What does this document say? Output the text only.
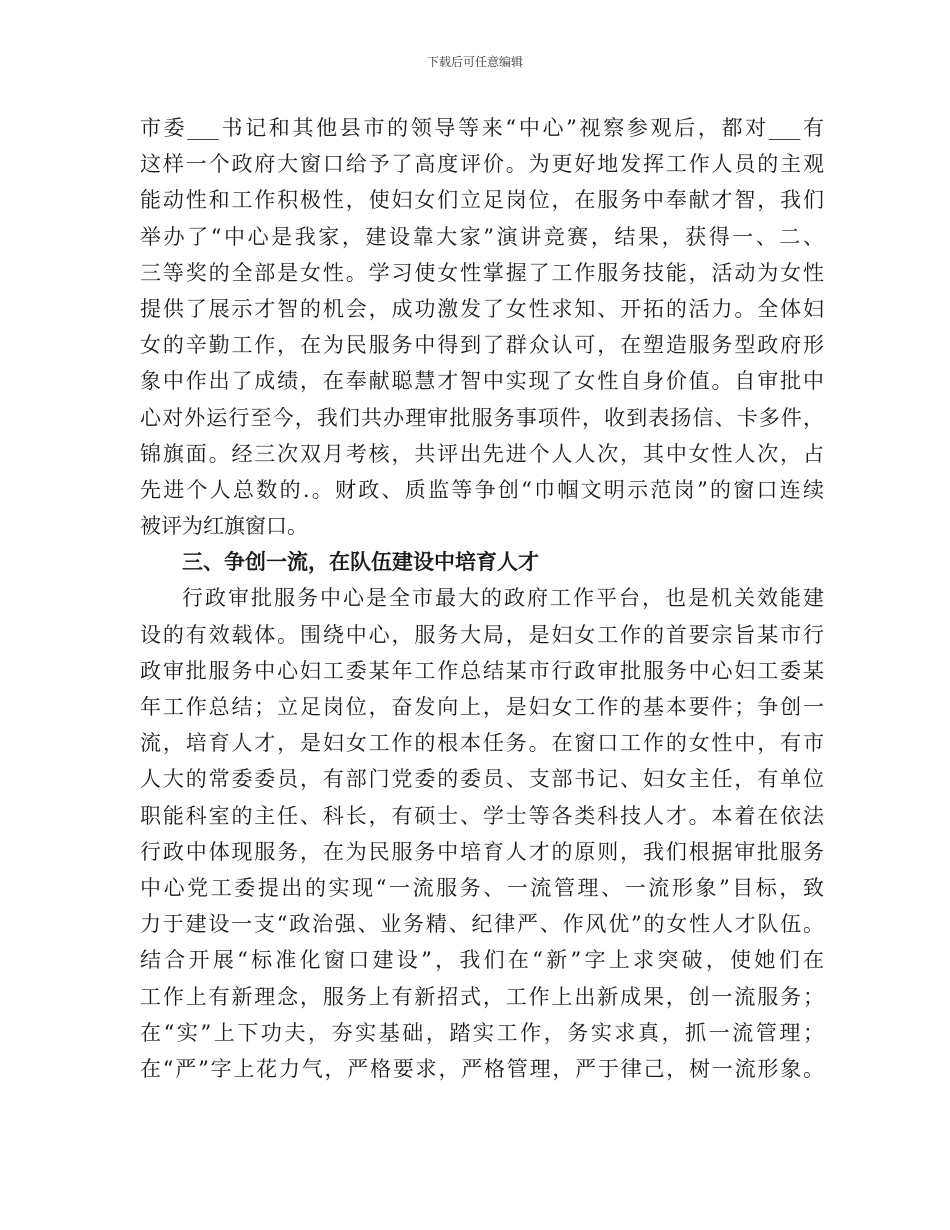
下载后可任意编辑
市委___书记和其他县市的领导等来“中心”视察参观后，都对___有
这样一个政府大窗口给予了高度评价。为更好地发挥工作人员的主观
能动性和工作积极性，使妇女们立足岗位，在服务中奉献才智，我们
举办了“中心是我家，建设靠大家”演讲竞赛，结果，获得一、二、
三等奖的全部是女性。学习使女性掌握了工作服务技能，活动为女性
提供了展示才智的机会，成功激发了女性求知、开拓的活力。全体妇
女的辛勤工作，在为民服务中得到了群众认可，在塑造服务型政府形
象中作出了成绩，在奉献聪慧才智中实现了女性自身价值。自审批中
心对外运行至今，我们共办理审批服务事项件，收到表扬信、卡多件，
锦旗面。经三次双月考核，共评出先进个人人次，其中女性人次，占
先进个人总数的.。财政、质监等争创“巾帼文明示范岗”的窗口连续
被评为红旗窗口。
三、争创一流，在队伍建设中培育人才
行政审批服务中心是全市最大的政府工作平台，也是机关效能建
设的有效载体。围绕中心，服务大局，是妇女工作的首要宗旨某市行
政审批服务中心妇工委某年工作总结某市行政审批服务中心妇工委某
年工作总结；立足岗位，奋发向上，是妇女工作的基本要件；争创一
流，培育人才，是妇女工作的根本任务。在窗口工作的女性中，有市
人大的常委委员，有部门党委的委员、支部书记、妇女主任，有单位
职能科室的主任、科长，有硕士、学士等各类科技人才。本着在依法
行政中体现服务，在为民服务中培育人才的原则，我们根据审批服务
中心党工委提出的实现“一流服务、一流管理、一流形象”目标，致
力于建设一支“政治强、业务精、纪律严、作风优”的女性人才队伍。
结合开展“标准化窗口建设”，我们在“新”字上求突破，使她们在
工作上有新理念，服务上有新招式，工作上出新成果，创一流服务；
在“实”上下功夫，夯实基础，踏实工作，务实求真，抓一流管理；
在“严”字上花力气，严格要求，严格管理，严于律己，树一流形象。
